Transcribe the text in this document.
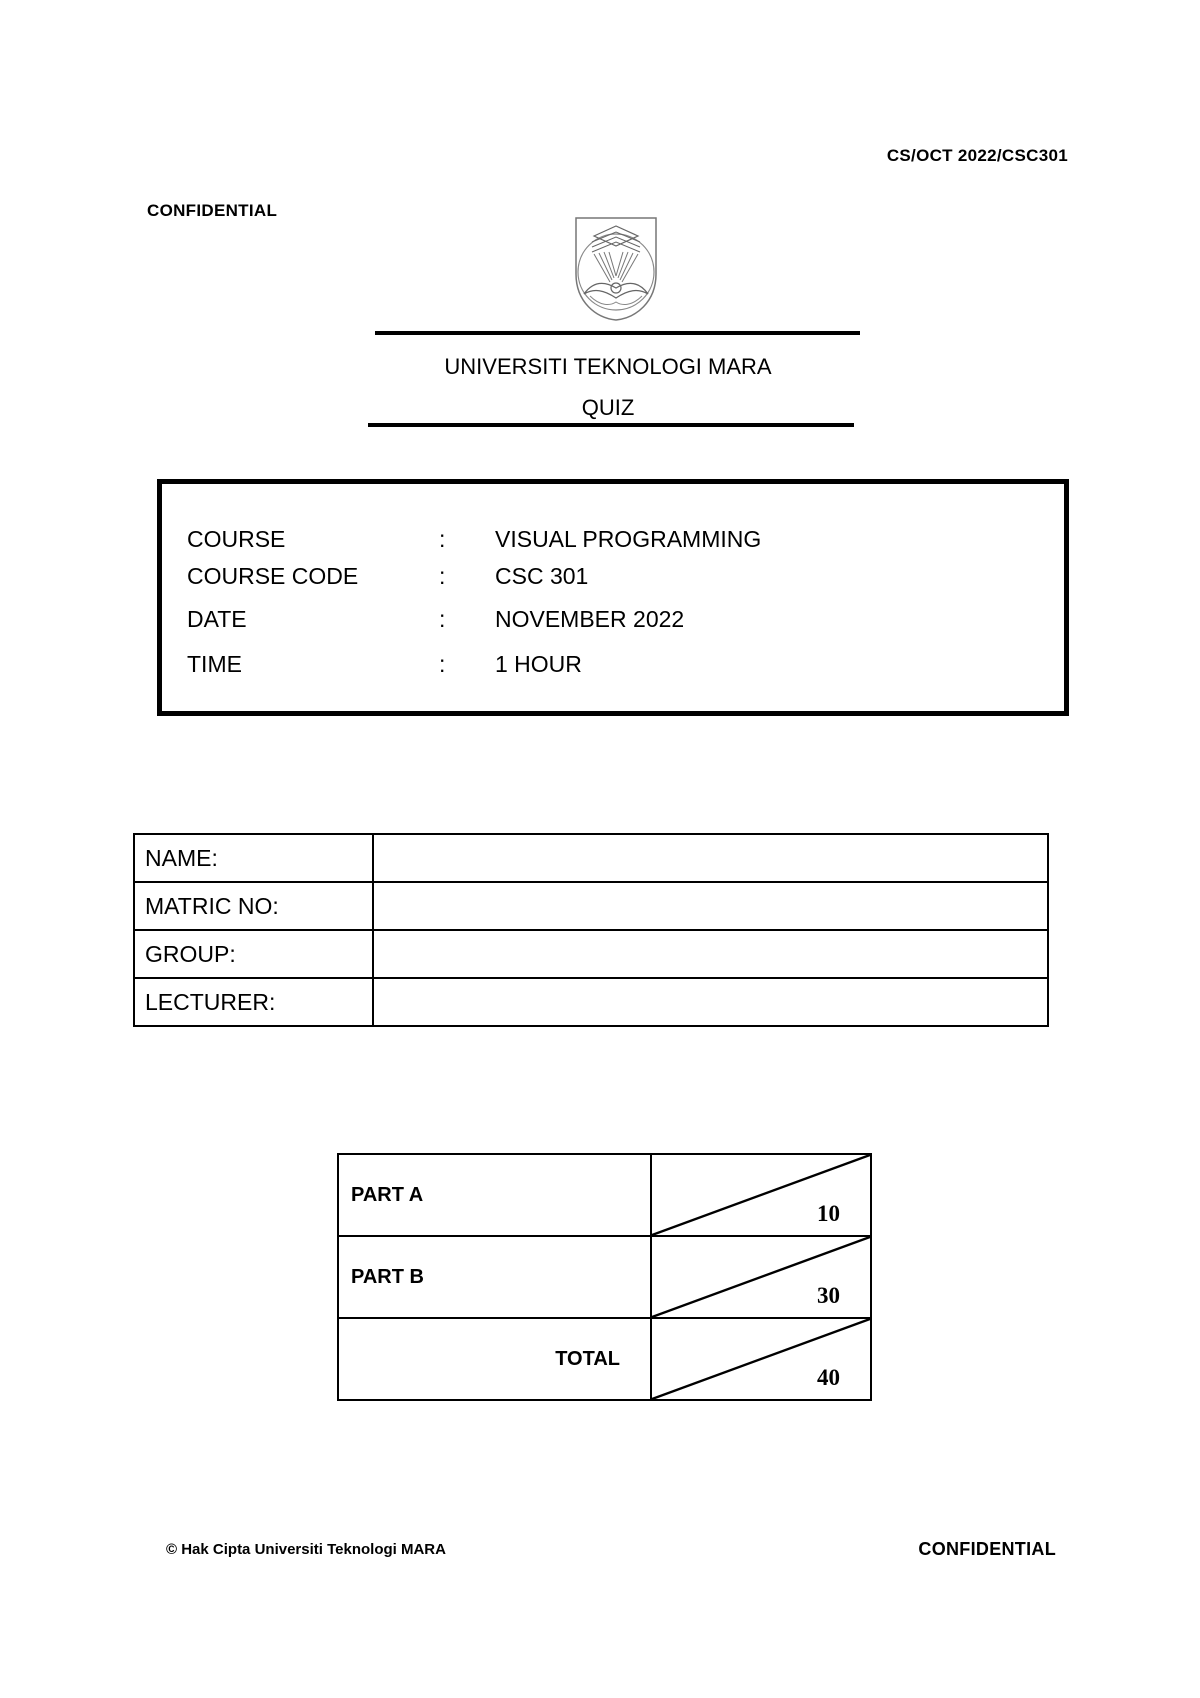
CS/OCT 2022/CSC301
CONFIDENTIAL
UNIVERSITI TEKNOLOGI MARA
QUIZ
COURSE	: VISUAL PROGRAMMING
COURSE CODE	: CSC 301
DATE	: NOVEMBER 2022
TIME	: 1 HOUR
NAME:	
MATRIC NO:	
GROUP:	
LECTURER:	
PART A	10

PART B	30

TOTAL	40
© Hak Cipta Universiti Teknologi MARA	CONFIDENTIAL
